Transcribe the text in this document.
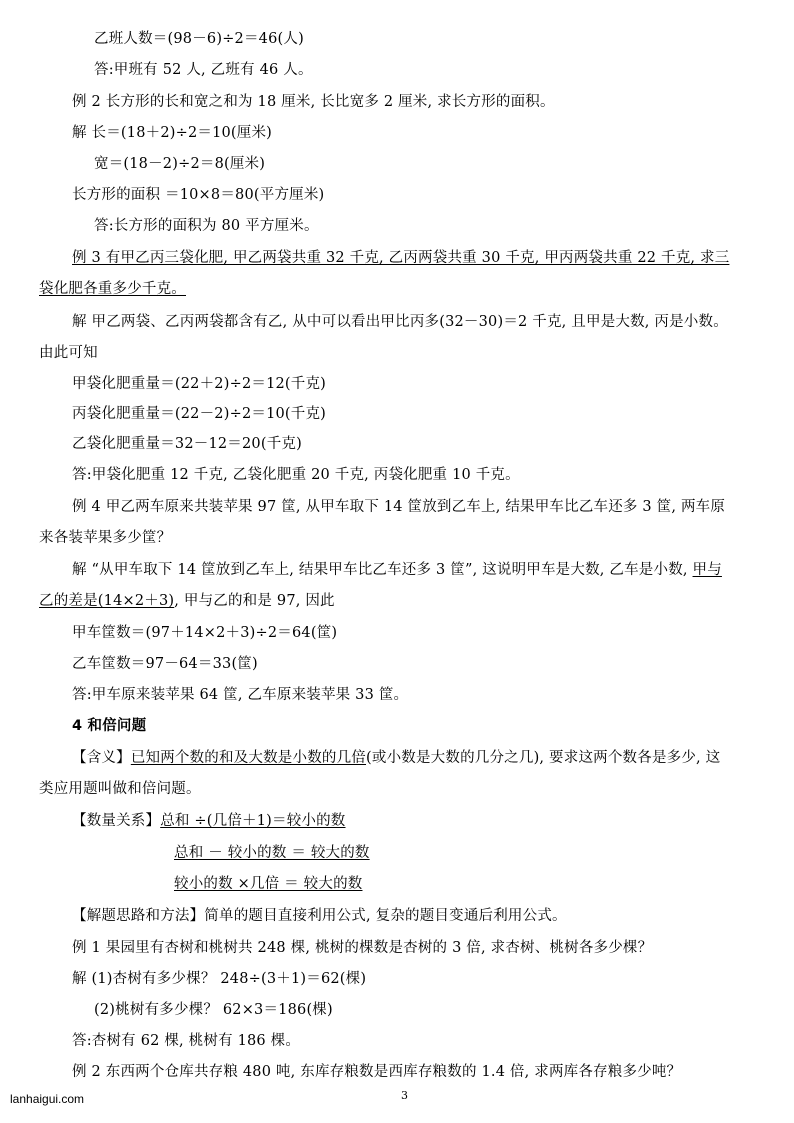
乙班人数＝(98－6)÷2＝46(人)
答:甲班有 52 人, 乙班有 46 人。
例 2 长方形的长和宽之和为 18 厘米, 长比宽多 2 厘米, 求长方形的面积。
解 长＝(18＋2)÷2＝10(厘米)
宽＝(18－2)÷2＝8(厘米)
长方形的面积 ＝10×8＝80(平方厘米)
答:长方形的面积为 80 平方厘米。
例 3 有甲乙丙三袋化肥, 甲乙两袋共重 32 千克, 乙丙两袋共重 30 千克, 甲丙两袋共重 22 千克, 求三
袋化肥各重多少千克。
解 甲乙两袋、乙丙两袋都含有乙, 从中可以看出甲比丙多(32－30)＝2 千克, 且甲是大数, 丙是小数。
由此可知
甲袋化肥重量＝(22＋2)÷2＝12(千克)
丙袋化肥重量＝(22－2)÷2＝10(千克)
乙袋化肥重量＝32－12＝20(千克)
答:甲袋化肥重 12 千克, 乙袋化肥重 20 千克, 丙袋化肥重 10 千克。
例 4 甲乙两车原来共装苹果 97 筐, 从甲车取下 14 筐放到乙车上, 结果甲车比乙车还多 3 筐, 两车原
来各装苹果多少筐？
解 “从甲车取下 14 筐放到乙车上, 结果甲车比乙车还多 3 筐”, 这说明甲车是大数, 乙车是小数, 甲与
乙的差是(14×2＋3), 甲与乙的和是 97, 因此
甲车筐数＝(97＋14×2＋3)÷2＝64(筐)
乙车筐数＝97－64＝33(筐)
答:甲车原来装苹果 64 筐, 乙车原来装苹果 33 筐。
4 和倍问题
【含义】已知两个数的和及大数是小数的几倍(或小数是大数的几分之几), 要求这两个数各是多少, 这
类应用题叫做和倍问题。
【数量关系】总和 ÷(几倍＋1)＝较小的数
总和 － 较小的数 ＝ 较大的数
较小的数 ×几倍 ＝ 较大的数
【解题思路和方法】简单的题目直接利用公式, 复杂的题目变通后利用公式。
例 1 果园里有杏树和桃树共 248 棵, 桃树的棵数是杏树的 3 倍, 求杏树、桃树各多少棵？
解 (1)杏树有多少棵？ 248÷(3＋1)＝62(棵)
(2)桃树有多少棵？ 62×3＝186(棵)
答:杏树有 62 棵, 桃树有 186 棵。
例 2 东西两个仓库共存粮 480 吨, 东库存粮数是西库存粮数的 1.4 倍, 求两库各存粮多少吨？
lanhaigui.com	3
